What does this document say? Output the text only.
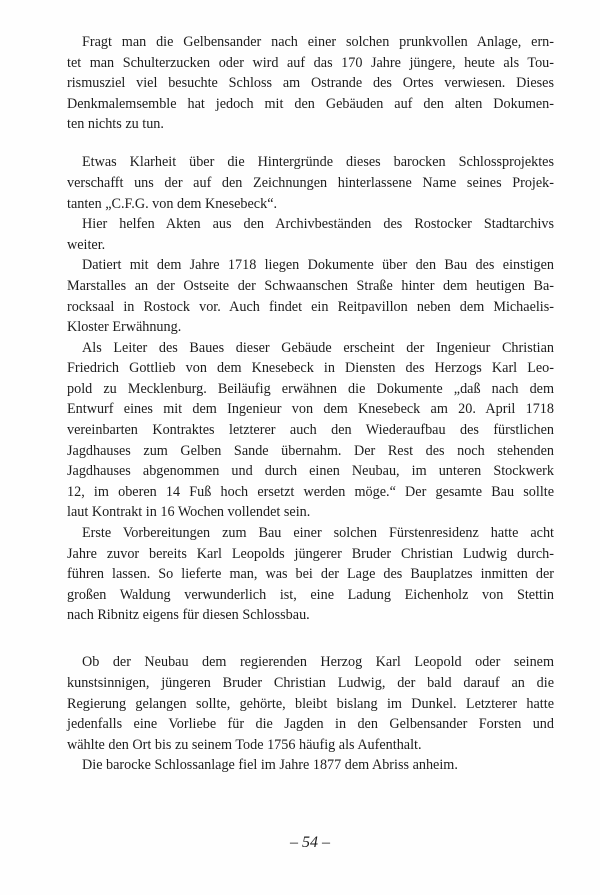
Fragt man die Gelbensander nach einer solchen prunkvollen Anlage, ern-
tet man Schulterzucken oder wird auf das 170 Jahre jüngere, heute als Tou-
rismusziel viel besuchte Schloss am Ostrande des Ortes verwiesen. Dieses
Denkmalemsemble hat jedoch mit den Gebäuden auf den alten Dokumen-
ten nichts zu tun.
Etwas Klarheit über die Hintergründe dieses barocken Schlossprojektes
verschafft uns der auf den Zeichnungen hinterlassene Name seines Projek-
tanten „C.F.G. von dem Knesebeck“.
Hier helfen Akten aus den Archivbeständen des Rostocker Stadtarchivs
weiter.
Datiert mit dem Jahre 1718 liegen Dokumente über den Bau des einstigen
Marstalles an der Ostseite der Schwaanschen Straße hinter dem heutigen Ba-
rocksaal in Rostock vor. Auch findet ein Reitpavillon neben dem Michaelis-
Kloster Erwähnung.
Als Leiter des Baues dieser Gebäude erscheint der Ingenieur Christian
Friedrich Gottlieb von dem Knesebeck in Diensten des Herzogs Karl Leo-
pold zu Mecklenburg. Beiläufig erwähnen die Dokumente „daß nach dem
Entwurf eines mit dem Ingenieur von dem Knesebeck am 20. April 1718
vereinbarten Kontraktes letzterer auch den Wiederaufbau des fürstlichen
Jagdhauses zum Gelben Sande übernahm. Der Rest des noch stehenden
Jagdhauses abgenommen und durch einen Neubau, im unteren Stockwerk
12, im oberen 14 Fuß hoch ersetzt werden möge.“ Der gesamte Bau sollte
laut Kontrakt in 16 Wochen vollendet sein.
Erste Vorbereitungen zum Bau einer solchen Fürstenresidenz hatte acht
Jahre zuvor bereits Karl Leopolds jüngerer Bruder Christian Ludwig durch-
führen lassen. So lieferte man, was bei der Lage des Bauplatzes inmitten der
großen Waldung verwunderlich ist, eine Ladung Eichenholz von Stettin
nach Ribnitz eigens für diesen Schlossbau.
Ob der Neubau dem regierenden Herzog Karl Leopold oder seinem
kunstsinnigen, jüngeren Bruder Christian Ludwig, der bald darauf an die
Regierung gelangen sollte, gehörte, bleibt bislang im Dunkel. Letzterer hatte
jedenfalls eine Vorliebe für die Jagden in den Gelbensander Forsten und
wählte den Ort bis zu seinem Tode 1756 häufig als Aufenthalt.
Die barocke Schlossanlage fiel im Jahre 1877 dem Abriss anheim.
– 54 –
